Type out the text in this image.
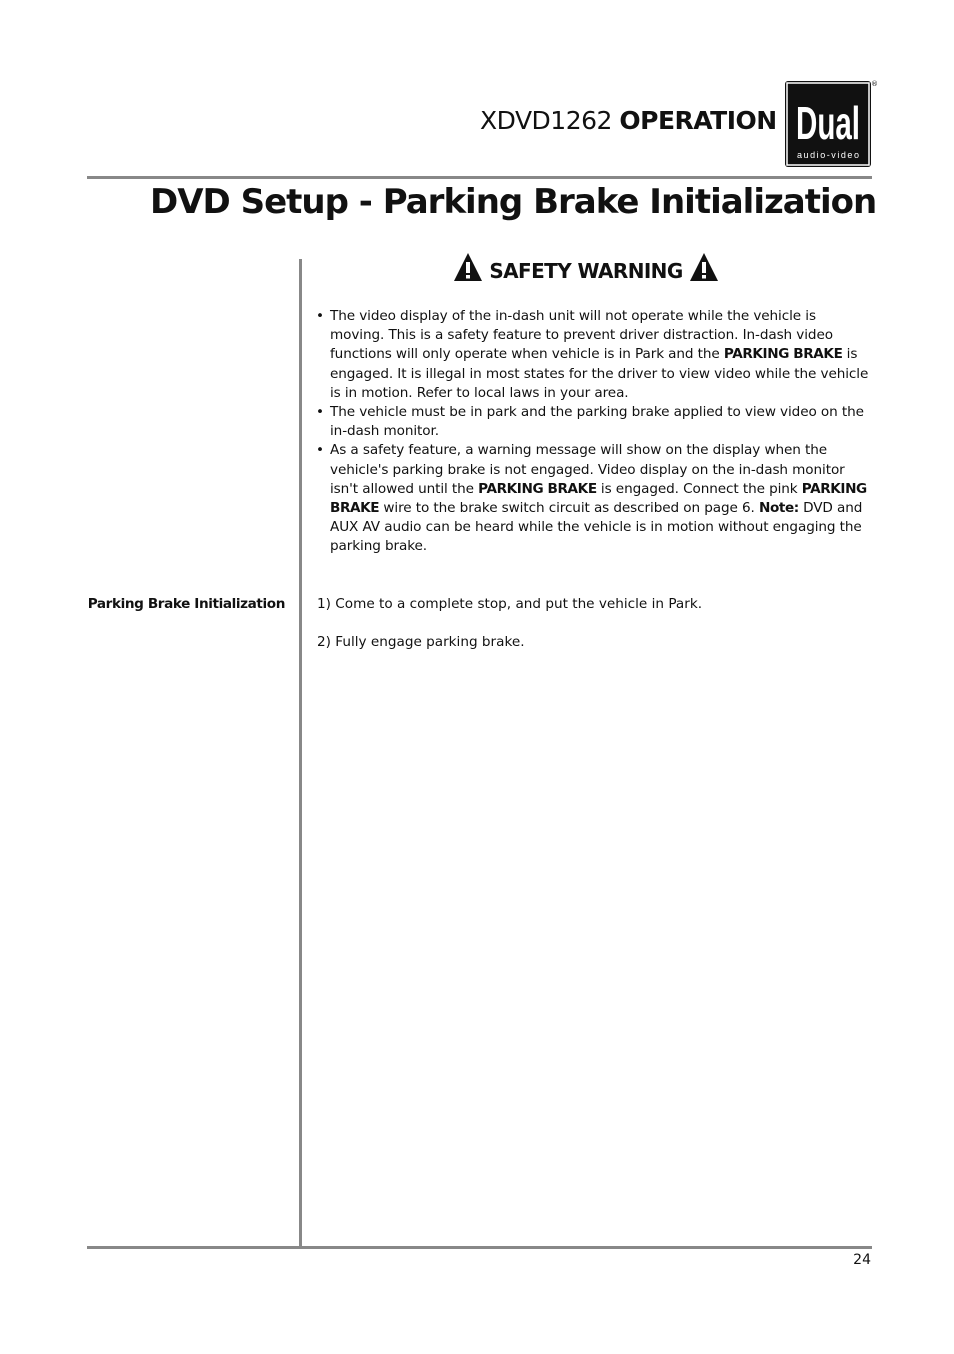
XDVD1262 OPERATION Dual
audio-video
®
DVD Setup - Parking Brake Initialization
SAFETY WARNING
• The video display of the in-dash unit will not operate while the vehicle is moving. This is a safety feature to prevent driver distraction. In-dash video functions will only operate when vehicle is in Park and the PARKING BRAKE is engaged. It is illegal in most states for the driver to view video while the vehicle is in motion. Refer to local laws in your area.
• The vehicle must be in park and the parking brake applied to view video on the in-dash monitor.
• As a safety feature, a warning message will show on the display when the vehicle's parking brake is not engaged. Video display on the in-dash monitor isn't allowed until the PARKING BRAKE is engaged. Connect the pink PARKING BRAKE wire to the brake switch circuit as described on page 6. Note: DVD and AUX AV audio can be heard while the vehicle is in motion without engaging the parking brake.
Parking Brake Initialization 1) Come to a complete stop, and put the vehicle in Park.
2) Fully engage parking brake.
24
